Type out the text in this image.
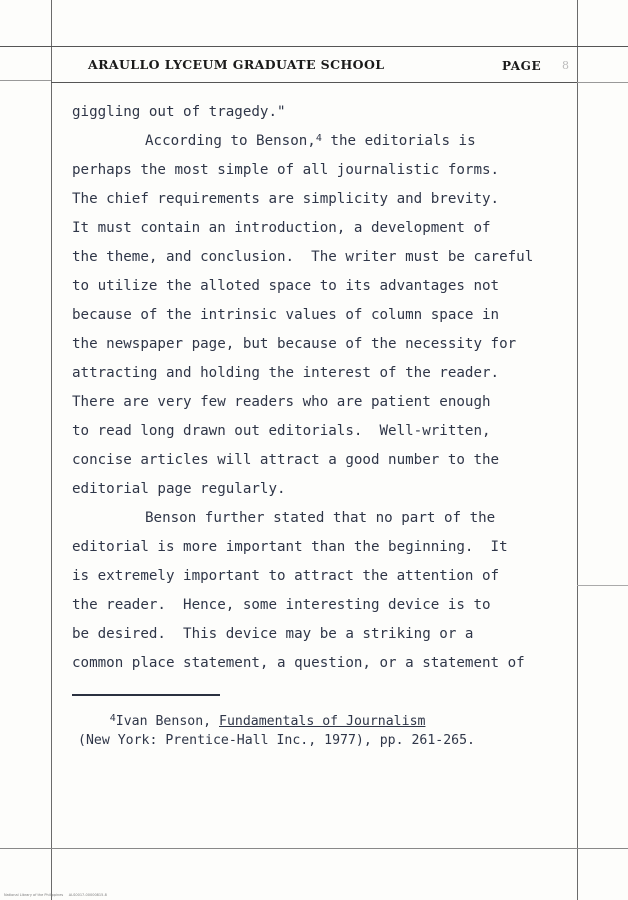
ARAULLO LYCEUM GRADUATE SCHOOL	PAGE 8
giggling out of tragedy."
According to Benson,$^4$ the editorials is
perhaps the most simple of all journalistic forms.
The chief requirements are simplicity and brevity.
It must contain an introduction, a development of
the theme, and conclusion.  The writer must be careful
to utilize the alloted space to its advantages not
because of the intrinsic values of column space in
the newspaper page, but because of the necessity for
attracting and holding the interest of the reader.
There are very few readers who are patient enough
to read long drawn out editorials.  Well-written,
concise articles will attract a good number to the
editorial page regularly.
Benson further stated that no part of the
editorial is more important than the beginning.  It
is extremely important to attract the attention of
the reader.  Hence, some interesting device is to
be desired.  This device may be a striking or a
common place statement, a question, or a statement of
$^4$Ivan Benson, Fundamentals of Journalism
(New York: Prentice-Hall Inc., 1977), pp. 261-265.
National Library of the Philippines     ALS0017-00000815-8
